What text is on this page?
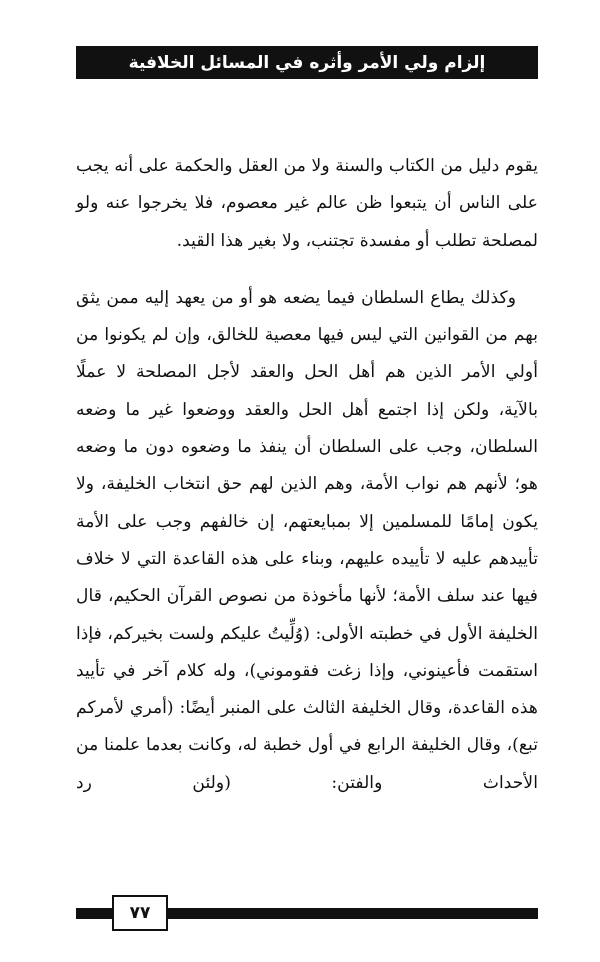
إلزام ولي الأمر وأثره في المسائل الخلافية

يقوم دليل من الكتاب والسنة ولا من العقل والحكمة على أنه يجب على الناس أن يتبعوا ظن عالم غير معصوم، فلا يخرجوا عنه ولو لمصلحة تطلب أو مفسدة تجتنب، ولا بغير هذا القيد.

وكذلك يطاع السلطان فيما يضعه هو أو من يعهد إليه ممن يثق بهم من القوانين التي ليس فيها معصية للخالق، وإن لم يكونوا من أولي الأمر الذين هم أهل الحل والعقد لأجل المصلحة لا عملًا بالآية، ولكن إذا اجتمع أهل الحل والعقد ووضعوا غير ما وضعه السلطان، وجب على السلطان أن ينفذ ما وضعوه دون ما وضعه هو؛ لأنهم هم نواب الأمة، وهم الذين لهم حق انتخاب الخليفة، ولا يكون إمامًا للمسلمين إلا بمبايعتهم، إن خالفهم وجب على الأمة تأييدهم عليه لا تأييده عليهم، وبناء على هذه القاعدة التي لا خلاف فيها عند سلف الأمة؛ لأنها مأخوذة من نصوص القرآن الحكيم، قال الخليفة الأول في خطبته الأولى: (وُلِّيتُ عليكم ولست بخيركم، فإذا استقمت فأعينوني، وإذا زغت فقوموني)، وله كلام آخر في تأييد هذه القاعدة، وقال الخليفة الثالث على المنبر أيضًا: (أمري لأمركم تبع)، وقال الخليفة الرابع في أول خطبة له، وكانت بعدما علمنا من الأحداث والفتن: (ولئن رد

٧٧
